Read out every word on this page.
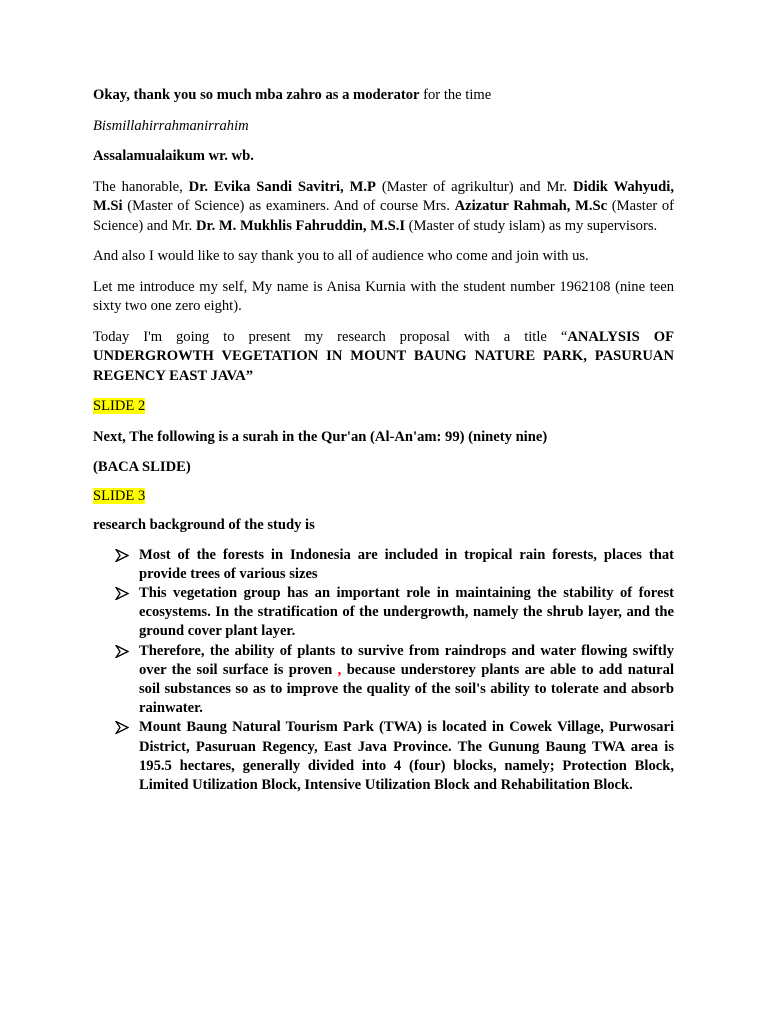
Okay, thank you so much mba zahro as a moderator for the time

Bismillahirrahmanirrahim

Assalamualaikum wr. wb.

The hanorable, Dr. Evika Sandi Savitri, M.P (Master of agrikultur) and Mr. Didik Wahyudi, M.Si (Master of Science) as examiners. And of course Mrs. Azizatur Rahmah, M.Sc (Master of Science) and Mr. Dr. M. Mukhlis Fahruddin, M.S.I (Master of study islam) as my supervisors.

And also I would like to say thank you to all of audience who come and join with us.

Let me introduce my self, My name is Anisa Kurnia with the student number 1962108 (nine teen sixty two one zero eight).

Today I'm going to present my research proposal with a title “ANALYSIS OF UNDERGROWTH VEGETATION IN MOUNT BAUNG NATURE PARK, PASURUAN REGENCY EAST JAVA”

SLIDE 2

Next, The following is a surah in the Qur'an (Al-An'am: 99) (ninety nine)

(BACA SLIDE)

SLIDE 3

research background of the study is

Most of the forests in Indonesia are included in tropical rain forests, places that provide trees of various sizes
This vegetation group has an important role in maintaining the stability of forest ecosystems. In the stratification of the undergrowth, namely the shrub layer, and the ground cover plant layer.
Therefore, the ability of plants to survive from raindrops and water flowing swiftly over the soil surface is proven , because understorey plants are able to add natural soil substances so as to improve the quality of the soil's ability to tolerate and absorb rainwater.
Mount Baung Natural Tourism Park (TWA) is located in Cowek Village, Purwosari District, Pasuruan Regency, East Java Province. The Gunung Baung TWA area is 195.5 hectares, generally divided into 4 (four) blocks, namely; Protection Block, Limited Utilization Block, Intensive Utilization Block and Rehabilitation Block.
